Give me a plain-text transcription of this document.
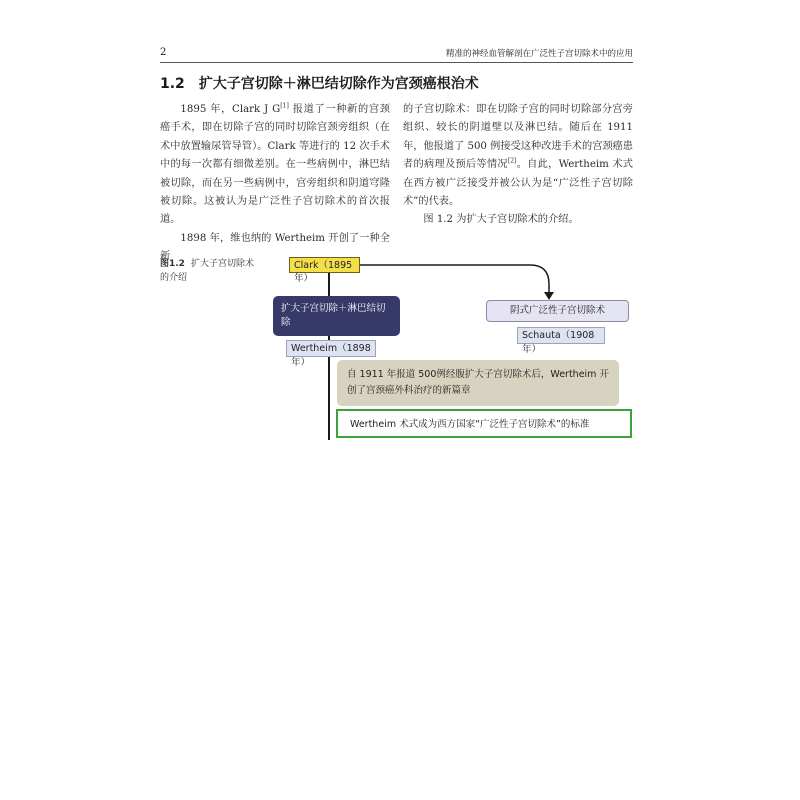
2	精准的神经血管解剖在广泛性子宫切除术中的应用
1.2 扩大子宫切除＋淋巴结切除作为宫颈癌根治术

1895 年，Clark J G[1] 报道了一种新的宫颈癌手术，即在切除子宫的同时切除宫颈旁组织（在术中放置输尿管导管）。Clark 等进行的 12 次手术中的每一次都有细微差别。在一些病例中，淋巴结被切除，而在另一些病例中，宫旁组织和阴道穹隆被切除。这被认为是广泛性子宫切除术的首次报道。

1898 年，维也纳的 Wertheim 开创了一种全新

的子宫切除术：即在切除子宫的同时切除部分宫旁组织、较长的阴道壁以及淋巴结。随后在 1911 年，他报道了 500 例接受这种改进手术的宫颈癌患者的病理及预后等情况[2]。自此，Wertheim 术式在西方被广泛接受并被公认为是“广泛性子宫切除术”的代表。

图 1.2 为扩大子宫切除术的介绍。

图1.2 扩大子宫切除术的介绍
Clark（1895年）
扩大子宫切除＋淋巴结切除
Wertheim（1898年）
阴式广泛性子宫切除术
Schauta（1908 年）
自 1911 年报道 500例经腹扩大子宫切除术后，Wertheim 开创了宫颈癌外科治疗的新篇章
Wertheim 术式成为西方国家“广泛性子宫切除术”的标准
